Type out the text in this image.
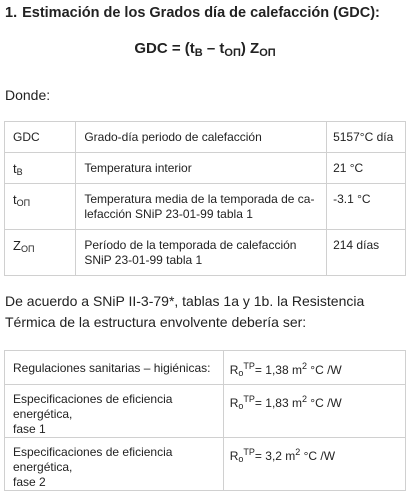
1. Estimación de los Grados día de calefacción (GDC):
GDC = $(t_B - t_{ОП})$ $Z_{ОП}$
Donde:
GDC	Grado-día periodo de calefacción	5157°C día
$t_B$	Temperatura interior	21 °C
$t_{ОП}$	Temperatura media de la temporada de ca-
lefacción SNiP 23-01-99 tabla 1	-3.1 °C
$Z_{ОП}$	Período de la temporada de calefacción
SNiP 23-01-99 tabla 1	214 días
De acuerdo a SNiP II-3-79*, tablas 1a y 1b. la Resistencia Térmica de la estructura envolvente debería ser:
Regulaciones sanitarias – higiénicas:	$R_o^{TP}= 1,38$ $m^2$ °C /W

Especificaciones de eficiencia energética,
fase 1	$R_o^{TP}= 1,83$ $m^2$ °C /W

Especificaciones de eficiencia energética,
fase 2	$R_o^{TP}= 3,2$ $m^2$ °C /W
